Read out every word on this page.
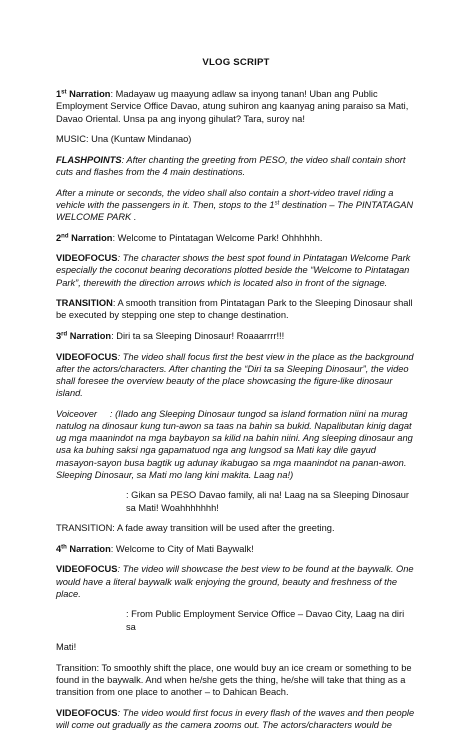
VLOG SCRIPT

1st Narration: Madayaw ug maayung adlaw sa inyong tanan! Uban ang Public Employment Service Office Davao, atung suhiron ang kaanyag aning paraiso sa Mati, Davao Oriental. Unsa pa ang inyong gihulat? Tara, suroy na!

MUSIC: Una (Kuntaw Mindanao)

FLASHPOINTS: After chanting the greeting from PESO, the video shall contain short cuts and flashes from the 4 main destinations.

After a minute or seconds, the video shall also contain a short-video travel riding a vehicle with the passengers in it. Then, stops to the 1st destination – The PINTATAGAN WELCOME PARK .

2nd Narration: Welcome to Pintatagan Welcome Park! Ohhhhhh.

VIDEOFOCUS: The character shows the best spot found in Pintatagan Welcome Park especially the coconut bearing decorations plotted beside the “Welcome to Pintatagan Park”, therewith the direction arrows which is located also in front of the signage.

TRANSITION: A smooth transition from Pintatagan Park to the Sleeping Dinosaur shall be executed by stepping one step to change destination.

3rd Narration: Diri ta sa Sleeping Dinosaur! Roaaarrrr!!!

VIDEOFOCUS: The video shall focus first the best view in the place as the background after the actors/characters. After chanting the “Diri ta sa Sleeping Dinosaur”, the video shall foresee the overview beauty of the place showcasing the figure-like dinosaur island.

Voiceover     : (Ilado ang Sleeping Dinosaur tungod sa island formation niini na murag natulog na dinosaur kung tun-awon sa taas na bahin sa bukid. Napalibutan kinig dagat ug mga maanindot na mga baybayon sa kilid na bahin niini. Ang sleeping dinosaur ang usa ka buhing saksi nga gapamatuod nga ang lungsod sa Mati kay dile gayud masayon-sayon busa bagtik ug adunay ikabugao sa mga maanindot na panan-awon. Sleeping Dinosaur, sa Mati mo lang kini makita. Laag na!)

: Gikan sa PESO Davao family, ali na! Laag na sa Sleeping Dinosaur sa Mati! Woahhhhhhh!

TRANSITION: A fade away transition will be used after the greeting.

4th Narration: Welcome to City of Mati Baywalk!

VIDEOFOCUS: The video will showcase the best view to be found at the baywalk. One would have a literal baywalk walk enjoying the ground, beauty and freshness of the place.

: From Public Employment Service Office – Davao City, Laag na diri sa

Mati!

Transition: To smoothly shift the place, one would buy an ice cream or something to be found in the baywalk. And when he/she gets the thing, he/she will take that thing as a transition from one place to another – to Dahican Beach.

VIDEOFOCUS: The video would first focus in every flash of the waves and then people will come out gradually as the camera zooms out. The actors/characters would be
